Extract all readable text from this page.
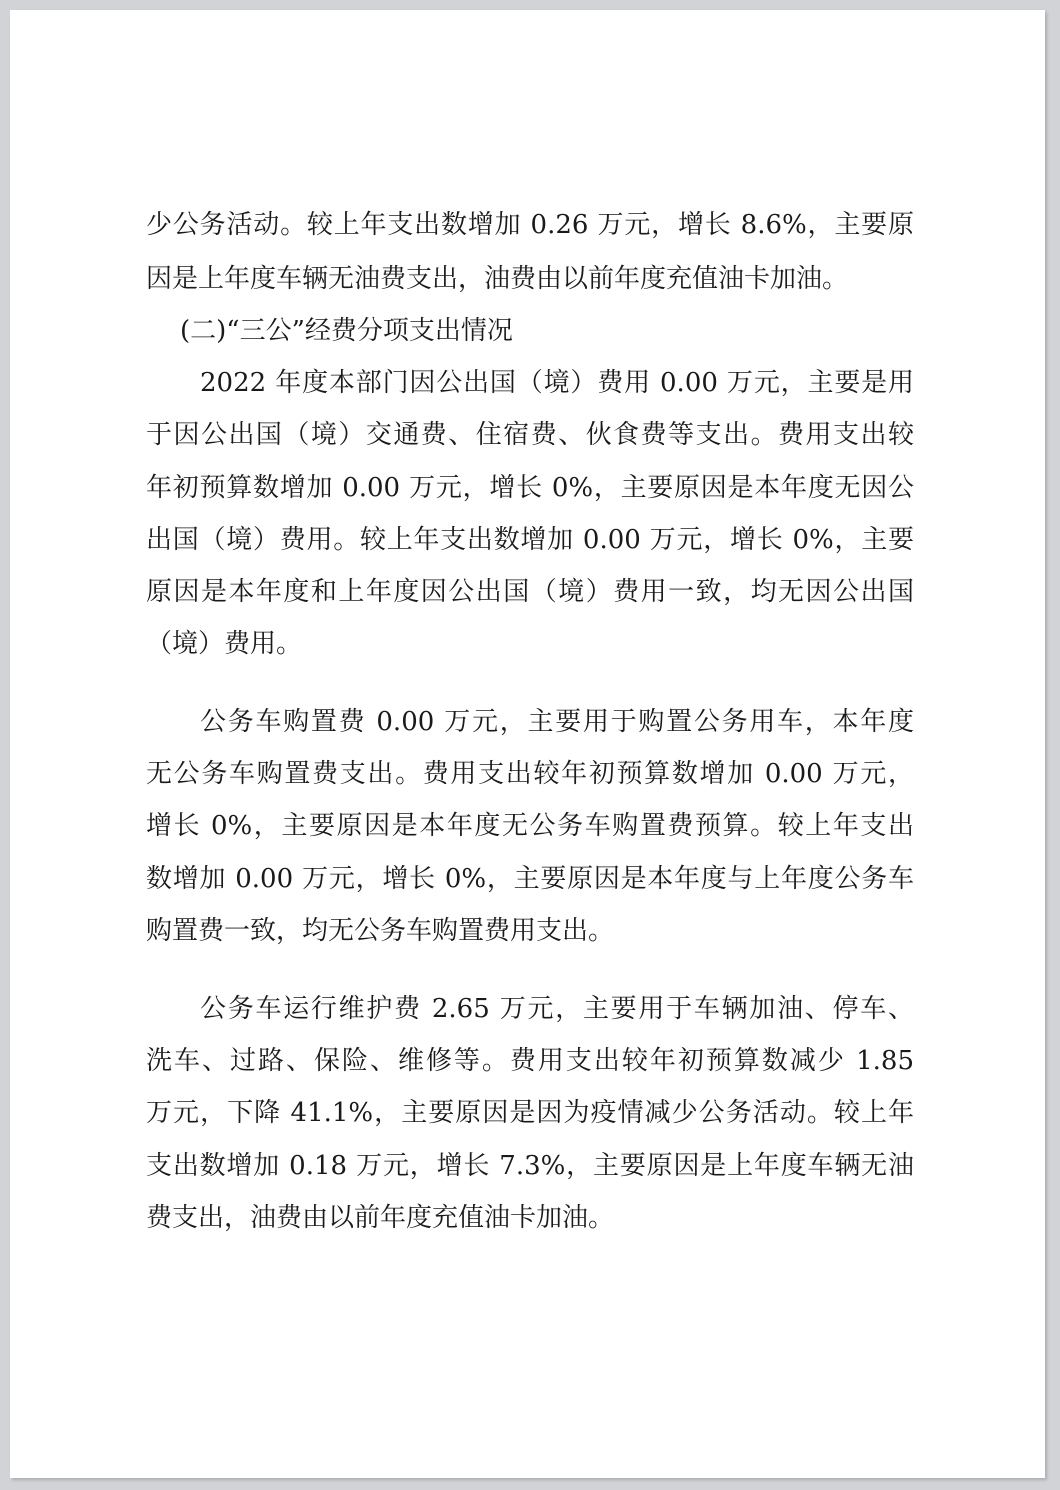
少公务活动。较上年支出数增加 0.26 万元，增长 8.6%，主要原
因是上年度车辆无油费支出，油费由以前年度充值油卡加油。
(二)“三公”经费分项支出情况
2022 年度本部门因公出国（境）费用 0.00 万元，主要是用
于因公出国（境）交通费、住宿费、伙食费等支出。费用支出较
年初预算数增加 0.00 万元，增长 0%，主要原因是本年度无因公
出国（境）费用。较上年支出数增加 0.00 万元，增长 0%，主要
原因是本年度和上年度因公出国（境）费用一致，均无因公出国
（境）费用。
公务车购置费 0.00 万元，主要用于购置公务用车，本年度
无公务车购置费支出。费用支出较年初预算数增加 0.00 万元，
增长 0%，主要原因是本年度无公务车购置费预算。较上年支出
数增加 0.00 万元，增长 0%，主要原因是本年度与上年度公务车
购置费一致，均无公务车购置费用支出。
公务车运行维护费 2.65 万元，主要用于车辆加油、停车、
洗车、过路、保险、维修等。费用支出较年初预算数减少 1.85
万元，下降 41.1%，主要原因是因为疫情减少公务活动。较上年
支出数增加 0.18 万元，增长 7.3%，主要原因是上年度车辆无油
费支出，油费由以前年度充值油卡加油。
